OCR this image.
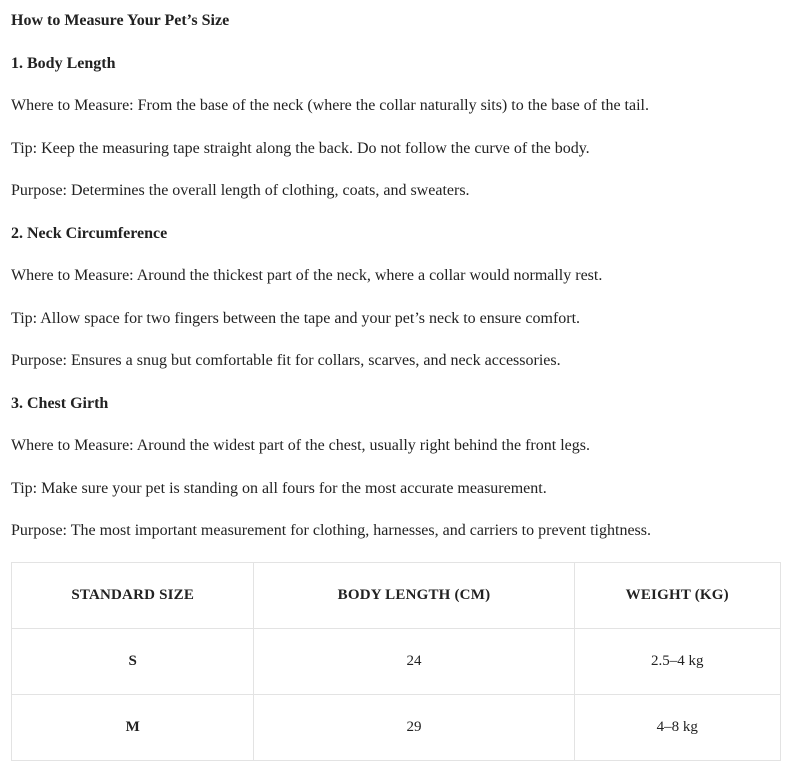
How to Measure Your Pet’s Size
1. Body Length
Where to Measure: From the base of the neck (where the collar naturally sits) to the base of the tail.
Tip: Keep the measuring tape straight along the back. Do not follow the curve of the body.
Purpose: Determines the overall length of clothing, coats, and sweaters.
2. Neck Circumference
Where to Measure: Around the thickest part of the neck, where a collar would normally rest.
Tip: Allow space for two fingers between the tape and your pet’s neck to ensure comfort.
Purpose: Ensures a snug but comfortable fit for collars, scarves, and neck accessories.
3. Chest Girth
Where to Measure: Around the widest part of the chest, usually right behind the front legs.
Tip: Make sure your pet is standing on all fours for the most accurate measurement.
Purpose: The most important measurement for clothing, harnesses, and carriers to prevent tightness.
STANDARD SIZE	BODY LENGTH (CM)	WEIGHT (KG)
S	24	2.5–4 kg
M	29	4–8 kg
